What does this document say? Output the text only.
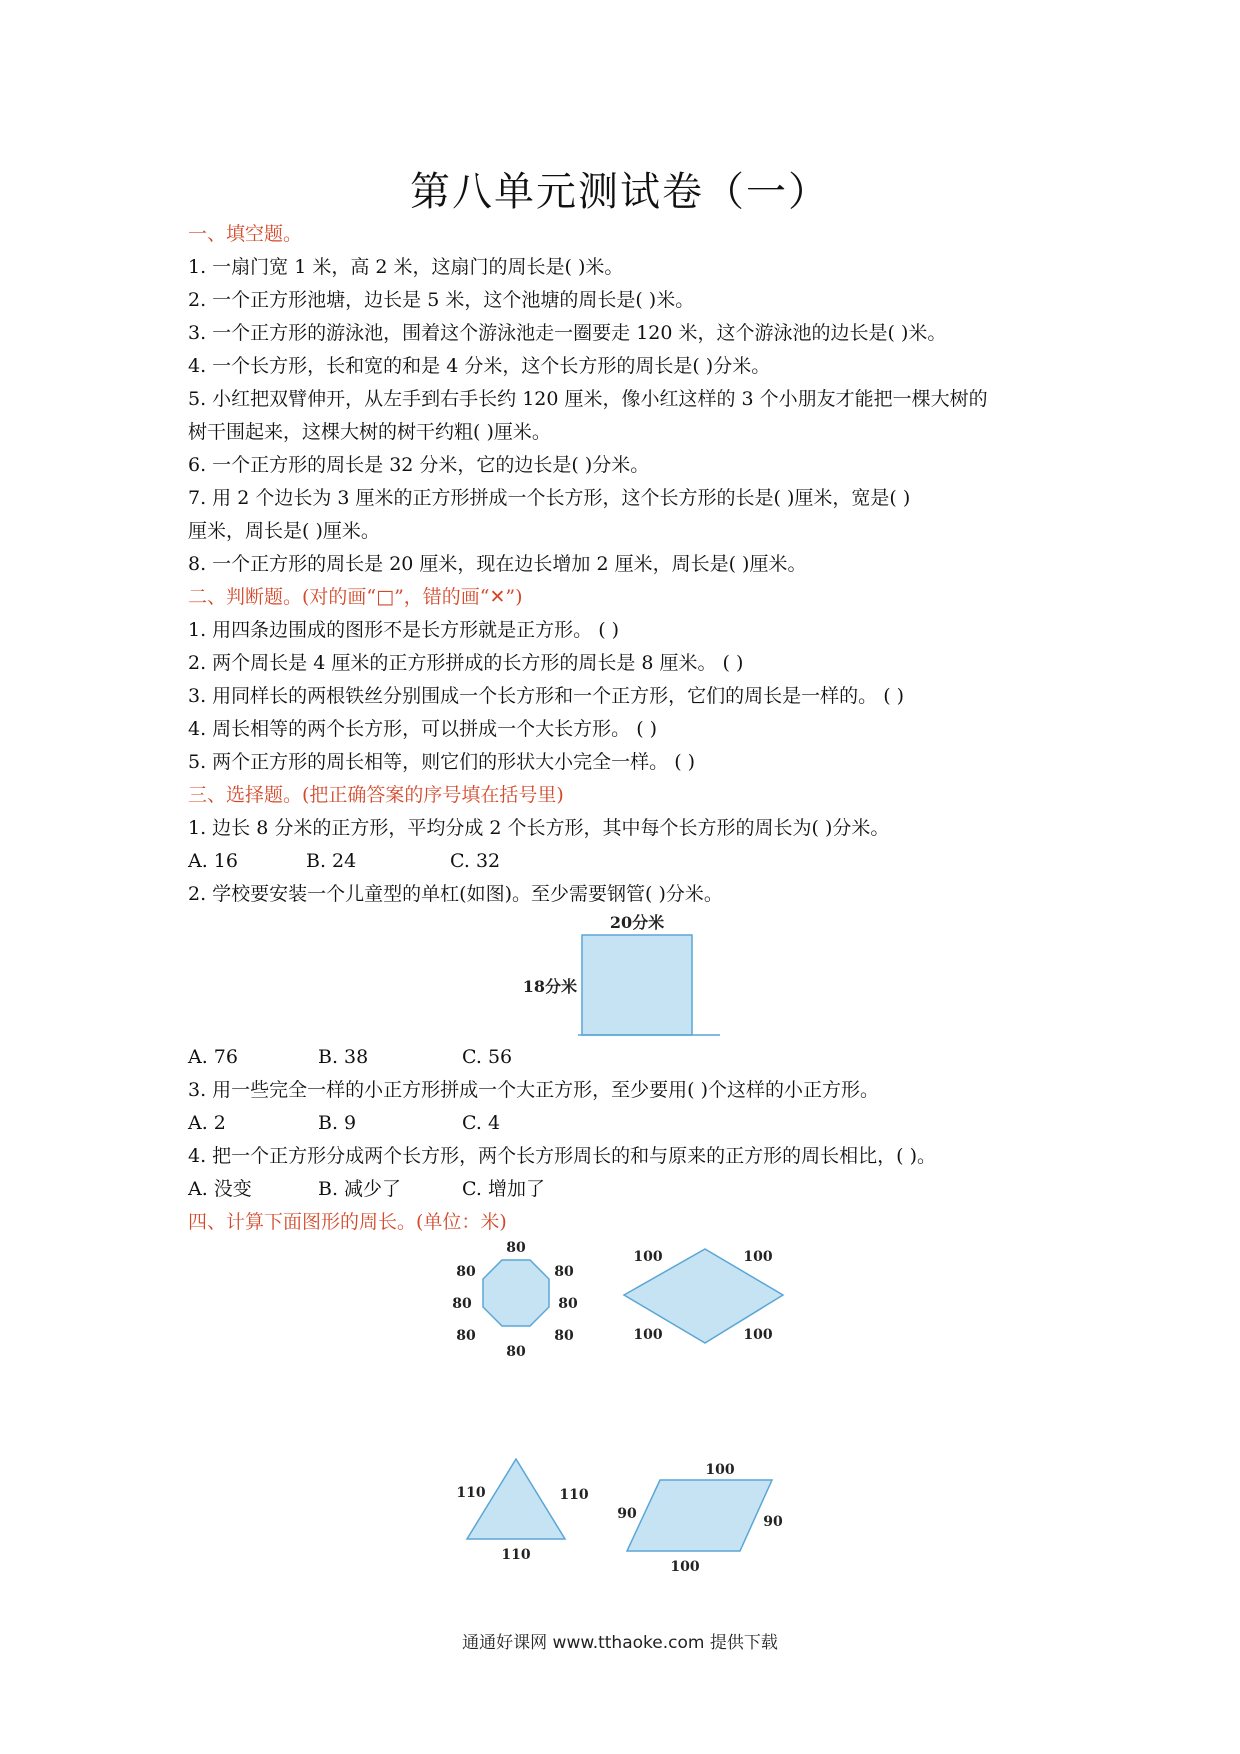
第八单元测试卷（一）
一、填空题。
1. 一扇门宽 1 米，高 2 米，这扇门的周长是( )米。
2. 一个正方形池塘，边长是 5 米，这个池塘的周长是( )米。
3. 一个正方形的游泳池，围着这个游泳池走一圈要走 120 米，这个游泳池的边长是( )米。
4. 一个长方形，长和宽的和是 4 分米，这个长方形的周长是( )分米。
5. 小红把双臂伸开，从左手到右手长约 120 厘米，像小红这样的 3 个小朋友才能把一棵大树的
树干围起来，这棵大树的树干约粗( )厘米。
6. 一个正方形的周长是 32 分米，它的边长是( )分米。
7. 用 2 个边长为 3 厘米的正方形拼成一个长方形，这个长方形的长是( )厘米，宽是( )
厘米，周长是( )厘米。
8. 一个正方形的周长是 20 厘米，现在边长增加 2 厘米，周长是( )厘米。
二、判断题。(对的画“□”，错的画“✕”)
1. 用四条边围成的图形不是长方形就是正方形。 ( )
2. 两个周长是 4 厘米的正方形拼成的长方形的周长是 8 厘米。 ( )
3. 用同样长的两根铁丝分别围成一个长方形和一个正方形，它们的周长是一样的。 ( )
4. 周长相等的两个长方形，可以拼成一个大长方形。 ( )
5. 两个正方形的周长相等，则它们的形状大小完全一样。 ( )
三、选择题。(把正确答案的序号填在括号里)
1. 边长 8 分米的正方形，平均分成 2 个长方形，其中每个长方形的周长为( )分米。
A. 16	B. 24	C. 32
2. 学校要安装一个儿童型的单杠(如图)。至少需要钢管( )分米。
20分米
18分米
A. 76	B. 38	C. 56
3. 用一些完全一样的小正方形拼成一个大正方形，至少要用( )个这样的小正方形。
A. 2	B. 9	C. 4
4. 把一个正方形分成两个长方形，两个长方形周长的和与原来的正方形的周长相比，( )。
A. 没变	B. 减少了	C. 增加了
四、计算下面图形的周长。(单位：米)
80
80
80
80
80
80
80
80
100	100
100	100
110	110
110
100
90	90
100
通通好课网 www.tthaoke.com 提供下载
